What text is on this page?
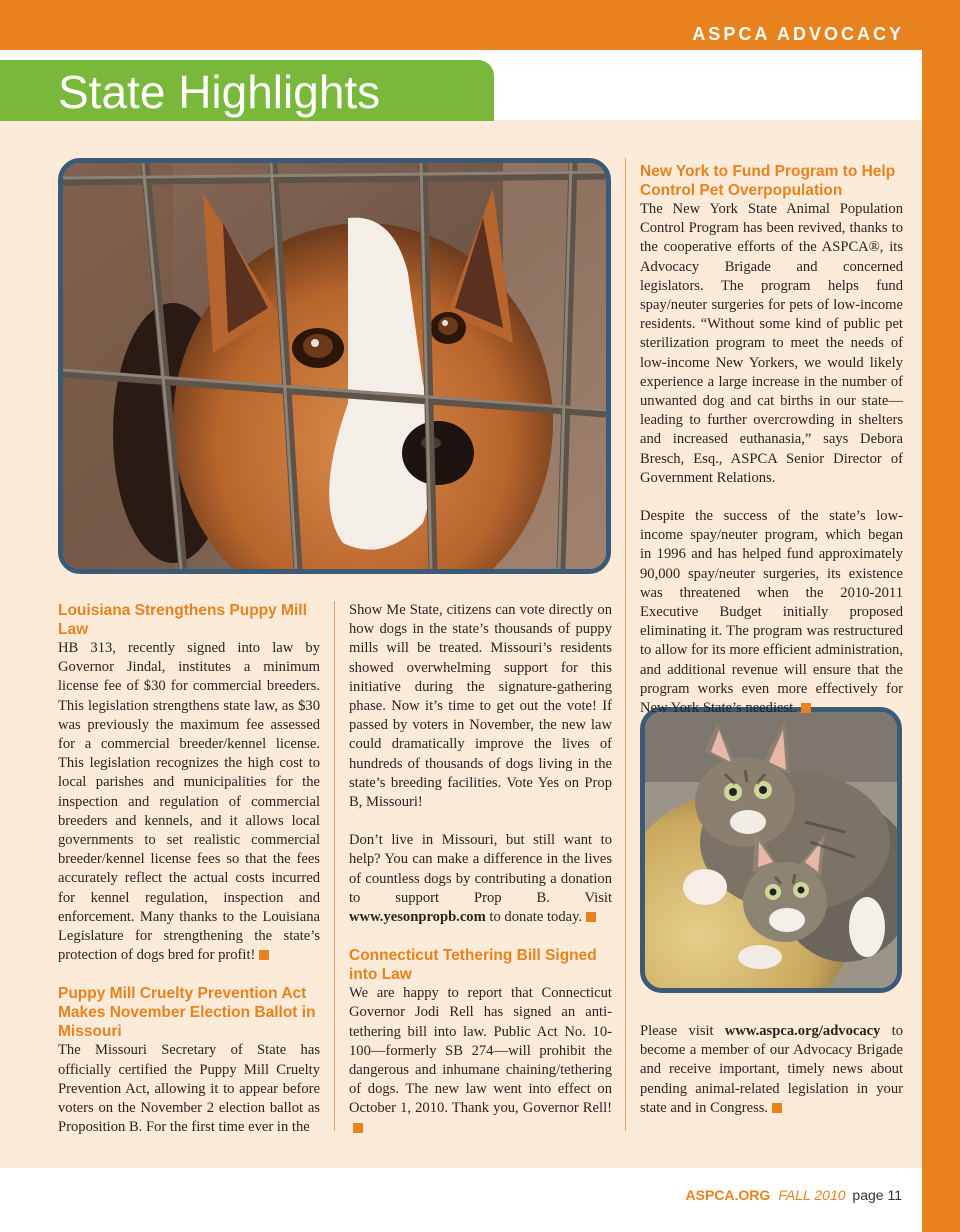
ASPCA ADVOCACY
State Highlights
Louisiana Strengthens Puppy Mill Law

HB 313, recently signed into law by Governor Jindal, institutes a minimum license fee of $30 for commercial breeders. This legislation strengthens state law, as $30 was previously the maximum fee assessed for a commercial breeder/kennel license. This legislation recognizes the high cost to local parishes and municipalities for the inspection and regulation of commercial breeders and kennels, and it allows local governments to set realistic commercial breeder/kennel license fees so that the fees accurately reflect the actual costs incurred for kennel regulation, inspection and enforcement. Many thanks to the Louisiana Legislature for strengthening the state’s protection of dogs bred for profit!

Puppy Mill Cruelty Prevention Act Makes November Election Ballot in Missouri

The Missouri Secretary of State has officially certified the Puppy Mill Cruelty Prevention Act, allowing it to appear before voters on the November 2 election ballot as Proposition B. For the first time ever in the

Show Me State, citizens can vote directly on how dogs in the state’s thousands of puppy mills will be treated. Missouri’s residents showed overwhelming support for this initiative during the signature-gathering phase. Now it’s time to get out the vote! If passed by voters in November, the new law could dramatically improve the lives of hundreds of thousands of dogs living in the state’s breeding facilities. Vote Yes on Prop B, Missouri!

Don’t live in Missouri, but still want to help? You can make a difference in the lives of countless dogs by contributing a donation to support Prop B. Visit www.yesonpropb.com to donate today.

Connecticut Tethering Bill Signed into Law

We are happy to report that Connecticut Governor Jodi Rell has signed an anti-tethering bill into law. Public Act No. 10-100—formerly SB 274—will prohibit the dangerous and inhumane chaining/tethering of dogs. The new law went into effect on October 1, 2010. Thank you, Governor Rell!

New York to Fund Program to Help Control Pet Overpopulation

The New York State Animal Population Control Program has been revived, thanks to the cooperative efforts of the ASPCA®, its Advocacy Brigade and concerned legislators. The program helps fund spay/neuter surgeries for pets of low-income residents. “Without some kind of public pet sterilization program to meet the needs of low-income New Yorkers, we would likely experience a large increase in the number of unwanted dog and cat births in our state—leading to further overcrowding in shelters and increased euthanasia,” says Debora Bresch, Esq., ASPCA Senior Director of Government Relations.

Despite the success of the state’s low-income spay/neuter program, which began in 1996 and has helped fund approximately 90,000 spay/neuter surgeries, its existence was threatened when the 2010-2011 Executive Budget initially proposed eliminating it. The program was restructured to allow for its more efficient administration, and additional revenue will ensure that the program works even more effectively for New York State’s neediest.

Please visit www.aspca.org/advocacy to become a member of our Advocacy Brigade and receive important, timely news about pending animal-related legislation in your state and in Congress.

ASPCA.ORG FALL 2010 page 11
